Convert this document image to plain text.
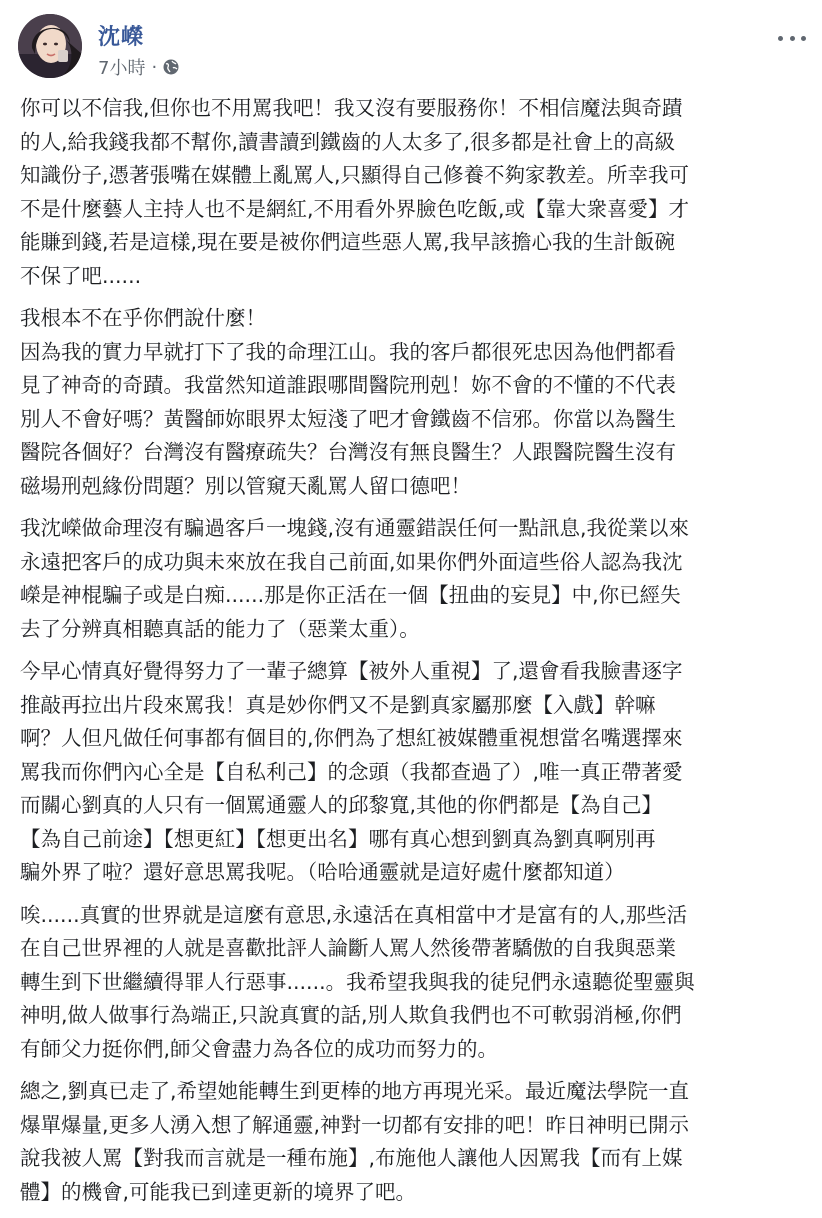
沈嶸
7小時 ·

你可以不信我,但你也不用罵我吧！我又沒有要服務你！不相信魔法與奇蹟
的人,給我錢我都不幫你,讀書讀到鐵齒的人太多了,很多都是社會上的高級
知識份子,憑著張嘴在媒體上亂罵人,只顯得自己修養不夠家教差。所幸我可
不是什麼藝人主持人也不是網紅,不用看外界臉色吃飯,或【靠大衆喜愛】才
能賺到錢,若是這樣,現在要是被你們這些惡人罵,我早該擔心我的生計飯碗
不保了吧......

我根本不在乎你們說什麼！
因為我的實力早就打下了我的命理江山。我的客戶都很死忠因為他們都看
見了神奇的奇蹟。我當然知道誰跟哪間醫院刑剋！妳不會的不懂的不代表
別人不會好嗎？黃醫師妳眼界太短淺了吧才會鐵齒不信邪。你當以為醫生
醫院各個好？台灣沒有醫療疏失？台灣沒有無良醫生？人跟醫院醫生沒有
磁場刑剋緣份問題？別以管窺天亂罵人留口德吧！

我沈嶸做命理沒有騙過客戶一塊錢,沒有通靈錯誤任何一點訊息,我從業以來
永遠把客戶的成功與未來放在我自己前面,如果你們外面這些俗人認為我沈
嶸是神棍騙子或是白痴......那是你正活在一個【扭曲的妄見】中,你已經失
去了分辨真相聽真話的能力了（惡業太重）。

今早心情真好覺得努力了一輩子總算【被外人重視】了,還會看我臉書逐字
推敲再拉出片段來罵我！真是妙你們又不是劉真家屬那麼【入戲】幹嘛
啊？人但凡做任何事都有個目的,你們為了想紅被媒體重視想當名嘴選擇來
罵我而你們內心全是【自私利己】的念頭（我都查過了）,唯一真正帶著愛
而關心劉真的人只有一個罵通靈人的邱黎寬,其他的你們都是【為自己】
【為自己前途】【想更紅】【想更出名】哪有真心想到劉真為劉真啊別再
騙外界了啦？還好意思罵我呢。（哈哈通靈就是這好處什麼都知道）

唉......真實的世界就是這麼有意思,永遠活在真相當中才是富有的人,那些活
在自己世界裡的人就是喜歡批評人論斷人罵人然後帶著驕傲的自我與惡業
轉生到下世繼續得罪人行惡事......。我希望我與我的徒兒們永遠聽從聖靈與
神明,做人做事行為端正,只說真實的話,別人欺負我們也不可軟弱消極,你們
有師父力挺你們,師父會盡力為各位的成功而努力的。

總之,劉真已走了,希望她能轉生到更棒的地方再現光采。最近魔法學院一直
爆單爆量,更多人湧入想了解通靈,神對一切都有安排的吧！昨日神明已開示
說我被人罵【對我而言就是一種布施】,布施他人讓他人因罵我【而有上媒
體】的機會,可能我已到達更新的境界了吧。
